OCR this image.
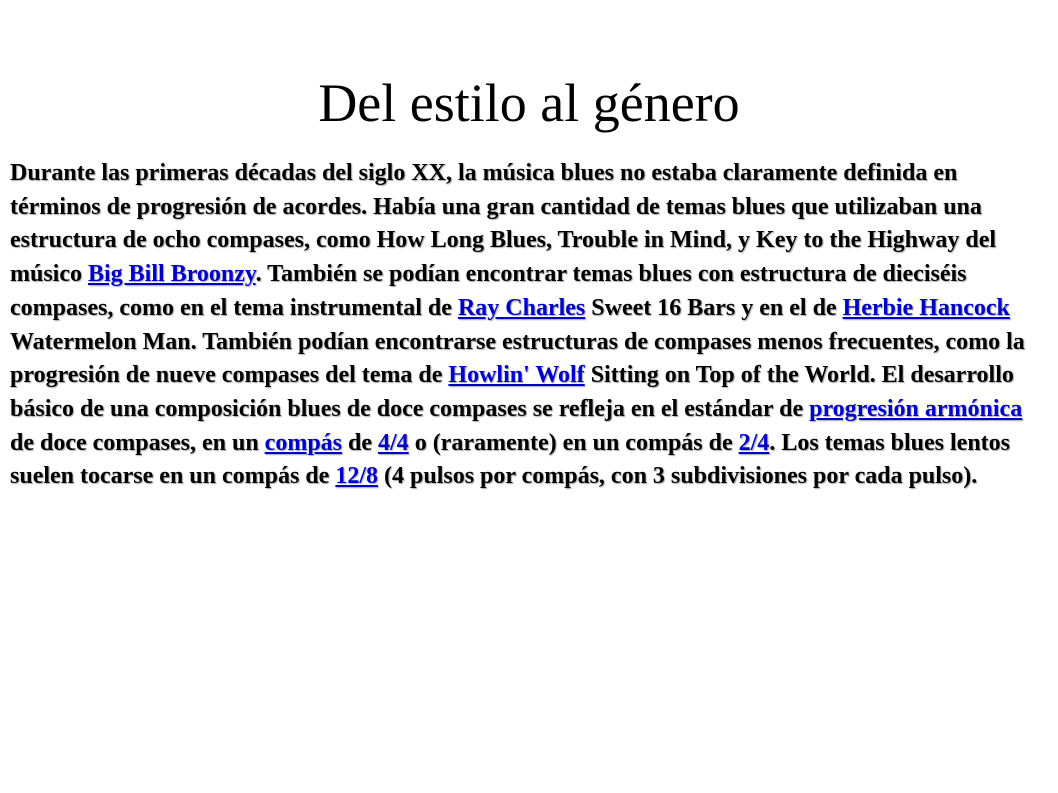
Del estilo al género

Durante las primeras décadas del siglo XX, la música blues no estaba claramente definida en términos de progresión de acordes. Había una gran cantidad de temas blues que utilizaban una estructura de ocho compases, como How Long Blues, Trouble in Mind, y Key to the Highway del músico Big Bill Broonzy. También se podían encontrar temas blues con estructura de dieciséis compases, como en el tema instrumental de Ray Charles Sweet 16 Bars y en el de Herbie Hancock Watermelon Man. También podían encontrarse estructuras de compases menos frecuentes, como la progresión de nueve compases del tema de Howlin' Wolf Sitting on Top of the World. El desarrollo básico de una composición blues de doce compases se refleja en el estándar de progresión armónica de doce compases, en un compás de 4/4 o (raramente) en un compás de 2/4. Los temas blues lentos suelen tocarse en un compás de 12/8 (4 pulsos por compás, con 3 subdivisiones por cada pulso).
